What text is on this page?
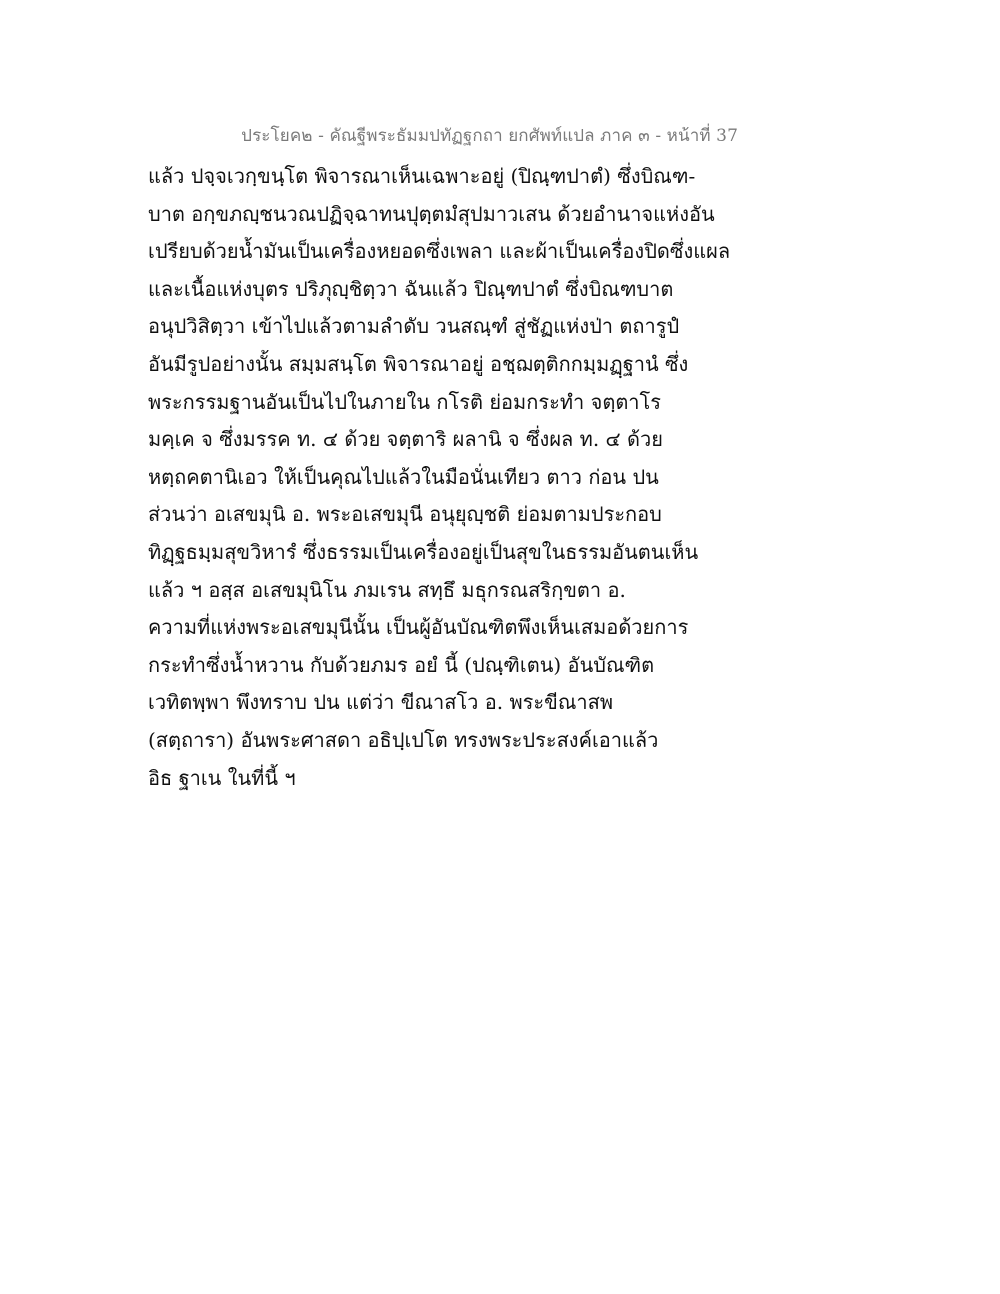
ประโยค๒ - คัณฐีพระธัมมปทัฏฐกถา ยกศัพท์แปล ภาค ๓ - หน้าที่ 37
แล้ว ปจฺจเวกฺขนฺโต พิจารณาเห็นเฉพาะอยู่ (ปิณฺฑปาตํ) ซึ่งบิณฑ-
บาต อกฺขภญฺชนวณปฏิจฺฉาทนปุตฺตมํสุปมาวเสน ด้วยอำนาจแห่งอัน
เปรียบด้วยน้ำมันเป็นเครื่องหยอดซึ่งเพลา และผ้าเป็นเครื่องปิดซึ่งแผล
และเนื้อแห่งบุตร ปริภุญฺชิตฺวา ฉันแล้ว ปิณฺฑปาตํ ซึ่งบิณฑบาต
อนุปวิสิตฺวา เข้าไปแล้วตามลำดับ วนสณฺฑํ สู่ชัฏแห่งป่า ตถารูปํ
อันมีรูปอย่างนั้น สมฺมสนฺโต พิจารณาอยู่ อชฺฌตฺติกกมฺมฏฺฐานํ ซึ่ง
พระกรรมฐานอันเป็นไปในภายใน กโรติ ย่อมกระทำ จตฺตาโร
มคฺเค จ ซึ่งมรรค ท. ๔ ด้วย จตฺตาริ ผลานิ จ ซึ่งผล ท. ๔ ด้วย
หตฺถคตานิเอว ให้เป็นคุณไปแล้วในมือนั่นเทียว ตาว ก่อน ปน
ส่วนว่า อเสขมุนิ อ. พระอเสขมุนี อนุยุญฺชติ ย่อมตามประกอบ
ทิฏฺฐธมฺมสุขวิหารํ ซึ่งธรรมเป็นเครื่องอยู่เป็นสุขในธรรมอันตนเห็น
แล้ว ฯ อสฺส อเสขมุนิโน ภมเรน สทฺธึ มธุกรณสริกฺขตา อ.
ความที่แห่งพระอเสขมุนีนั้น เป็นผู้อันบัณฑิตพึงเห็นเสมอด้วยการ
กระทำซึ่งน้ำหวาน กับด้วยภมร อยํ นี้ (ปณฺฑิเตน) อันบัณฑิต
เวทิตพฺพา พึงทราบ ปน แต่ว่า ขีณาสโว อ. พระขีณาสพ
(สตฺถารา) อันพระศาสดา อธิปฺเปโต ทรงพระประสงค์เอาแล้ว
อิธ ฐาเน ในที่นี้ ฯ
